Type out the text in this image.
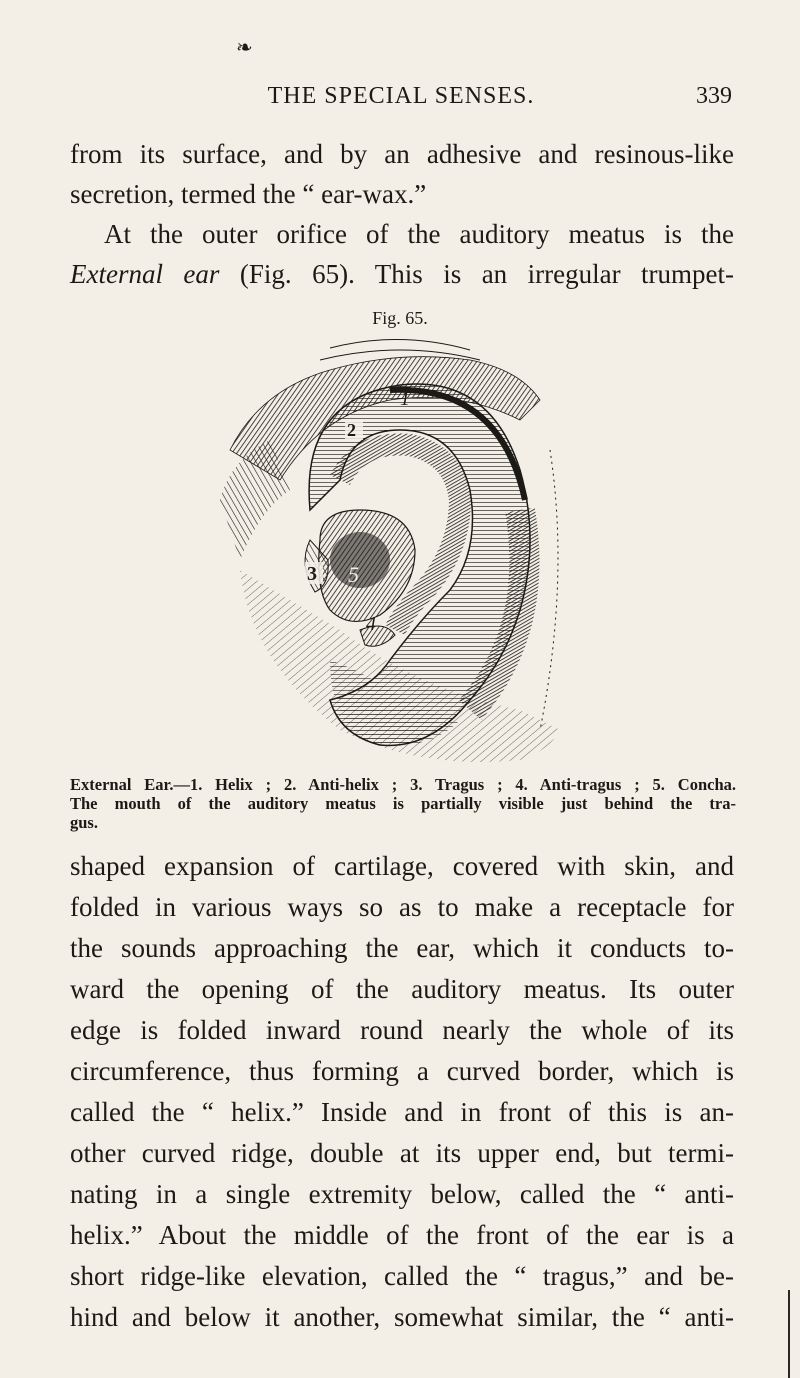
❧
THE SPECIAL SENSES.	339

from its surface, and by an adhesive and resinous-like
secretion, termed the “ ear-wax.”
At the outer orifice of the auditory meatus is the
External ear (Fig. 65). This is an irregular trumpet-

Fig. 65.
1
2
3
4
5

External Ear.—1. Helix ; 2. Anti-helix ; 3. Tragus ; 4. Anti-tragus ; 5. Concha.
The mouth of the auditory meatus is partially visible just behind the tra-
gus.

shaped expansion of cartilage, covered with skin, and
folded in various ways so as to make a receptacle for
the sounds approaching the ear, which it conducts to-
ward the opening of the auditory meatus. Its outer
edge is folded inward round nearly the whole of its
circumference, thus forming a curved border, which is
called the “ helix.” Inside and in front of this is an-
other curved ridge, double at its upper end, but termi-
nating in a single extremity below, called the “ anti-
helix.” About the middle of the front of the ear is a
short ridge-like elevation, called the “ tragus,” and be-
hind and below it another, somewhat similar, the “ anti-
